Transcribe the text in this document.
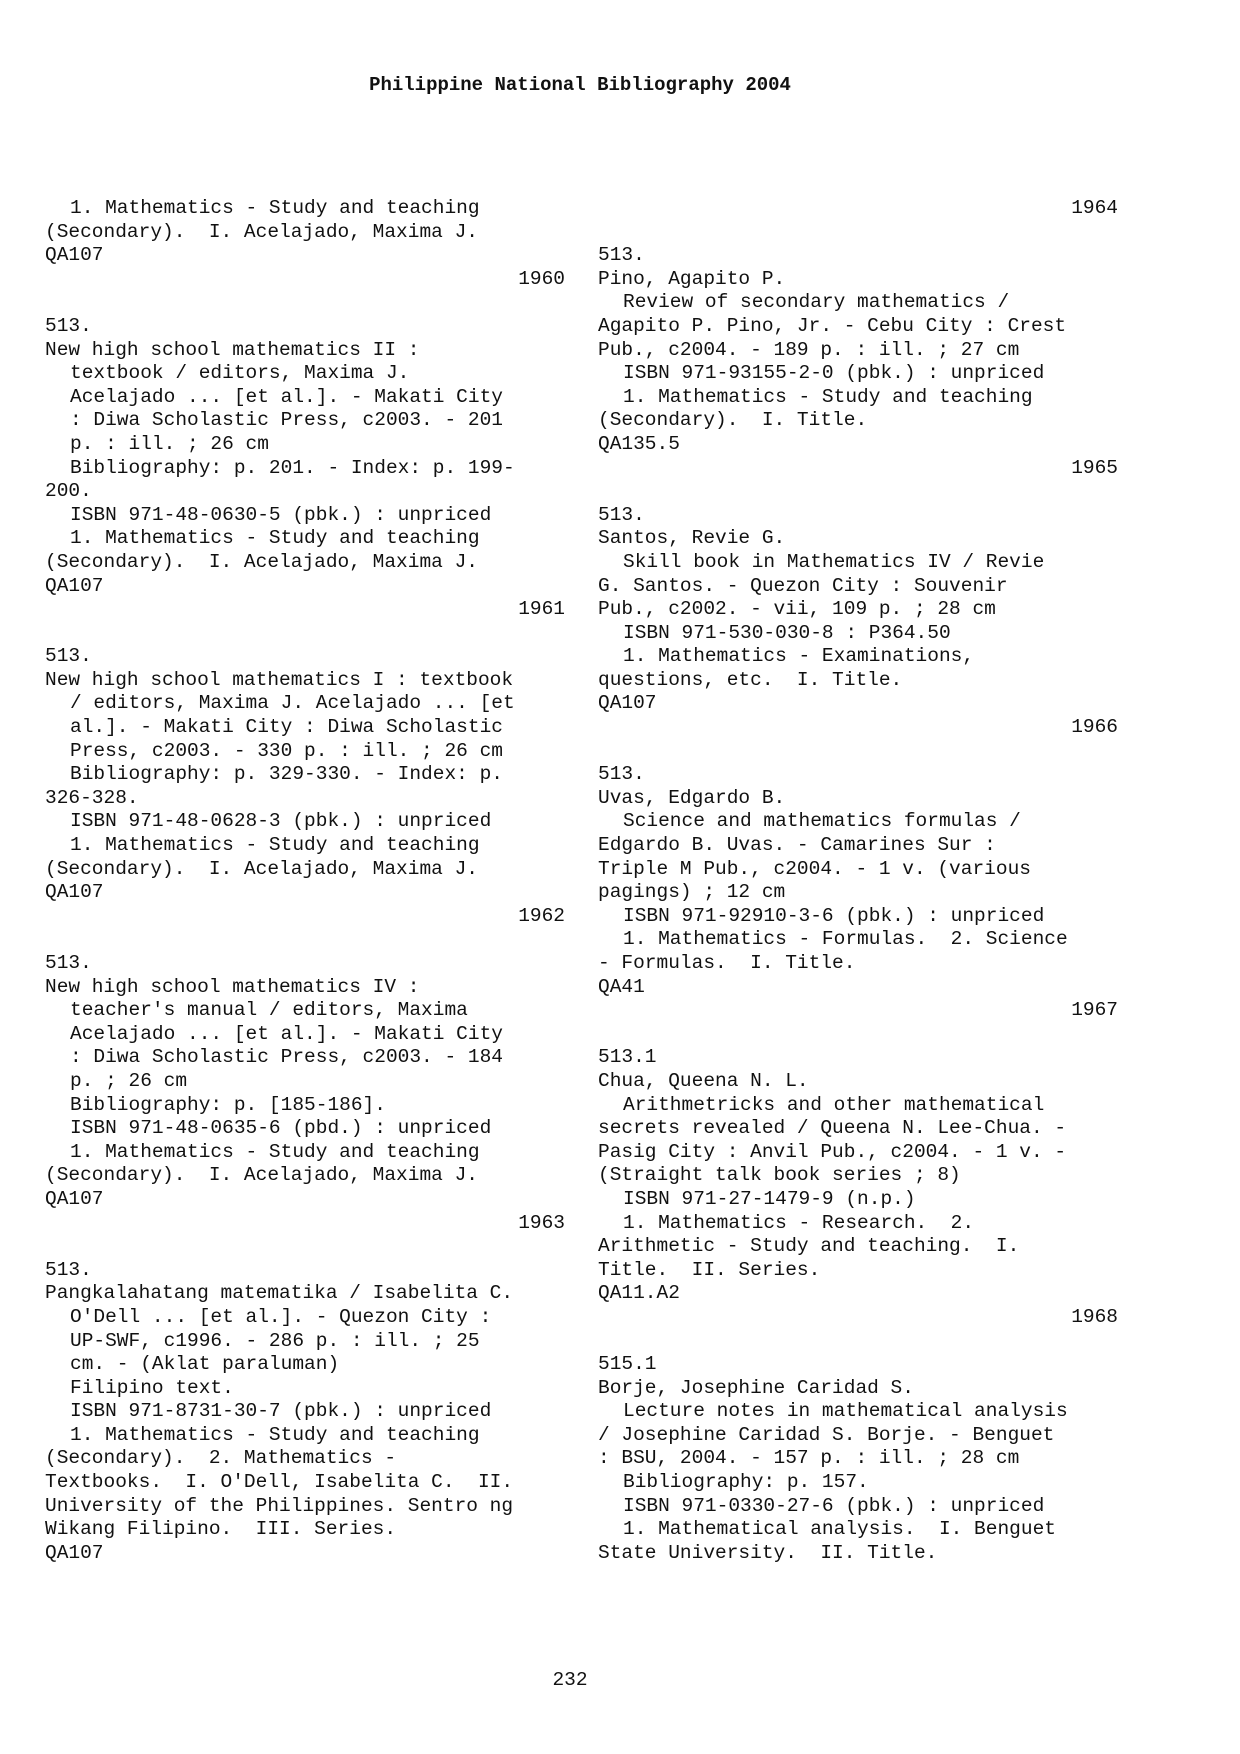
Philippine National Bibliography 2004
1. Mathematics - Study and teaching
(Secondary).  I. Acelajado, Maxima J.
QA107
1960
513.
New high school mathematics II :
textbook / editors, Maxima J.
Acelajado ... [et al.]. - Makati City
: Diwa Scholastic Press, c2003. - 201
p. : ill. ; 26 cm
Bibliography: p. 201. - Index: p. 199-
200.
ISBN 971-48-0630-5 (pbk.) : unpriced
1. Mathematics - Study and teaching
(Secondary).  I. Acelajado, Maxima J.
QA107
1961
513.
New high school mathematics I : textbook
/ editors, Maxima J. Acelajado ... [et
al.]. - Makati City : Diwa Scholastic
Press, c2003. - 330 p. : ill. ; 26 cm
Bibliography: p. 329-330. - Index: p.
326-328.
ISBN 971-48-0628-3 (pbk.) : unpriced
1. Mathematics - Study and teaching
(Secondary).  I. Acelajado, Maxima J.
QA107
1962
513.
New high school mathematics IV :
teacher's manual / editors, Maxima
Acelajado ... [et al.]. - Makati City
: Diwa Scholastic Press, c2003. - 184
p. ; 26 cm
Bibliography: p. [185-186].
ISBN 971-48-0635-6 (pbd.) : unpriced
1. Mathematics - Study and teaching
(Secondary).  I. Acelajado, Maxima J.
QA107
1963
513.
Pangkalahatang matematika / Isabelita C.
O'Dell ... [et al.]. - Quezon City :
UP-SWF, c1996. - 286 p. : ill. ; 25
cm. - (Aklat paraluman)
Filipino text.
ISBN 971-8731-30-7 (pbk.) : unpriced
1. Mathematics - Study and teaching
(Secondary).  2. Mathematics -
Textbooks.  I. O'Dell, Isabelita C.  II.
University of the Philippines. Sentro ng
Wikang Filipino.  III. Series.
QA107
1964
513.
Pino, Agapito P.
Review of secondary mathematics /
Agapito P. Pino, Jr. - Cebu City : Crest
Pub., c2004. - 189 p. : ill. ; 27 cm
ISBN 971-93155-2-0 (pbk.) : unpriced
1. Mathematics - Study and teaching
(Secondary).  I. Title.
QA135.5
1965
513.
Santos, Revie G.
Skill book in Mathematics IV / Revie
G. Santos. - Quezon City : Souvenir
Pub., c2002. - vii, 109 p. ; 28 cm
ISBN 971-530-030-8 : P364.50
1. Mathematics - Examinations,
questions, etc.  I. Title.
QA107
1966
513.
Uvas, Edgardo B.
Science and mathematics formulas /
Edgardo B. Uvas. - Camarines Sur :
Triple M Pub., c2004. - 1 v. (various
pagings) ; 12 cm
ISBN 971-92910-3-6 (pbk.) : unpriced
1. Mathematics - Formulas.  2. Science
- Formulas.  I. Title.
QA41
1967
513.1
Chua, Queena N. L.
Arithmetricks and other mathematical
secrets revealed / Queena N. Lee-Chua. -
Pasig City : Anvil Pub., c2004. - 1 v. -
(Straight talk book series ; 8)
ISBN 971-27-1479-9 (n.p.)
1. Mathematics - Research.  2.
Arithmetic - Study and teaching.  I.
Title.  II. Series.
QA11.A2
1968
515.1
Borje, Josephine Caridad S.
Lecture notes in mathematical analysis
/ Josephine Caridad S. Borje. - Benguet
: BSU, 2004. - 157 p. : ill. ; 28 cm
Bibliography: p. 157.
ISBN 971-0330-27-6 (pbk.) : unpriced
1. Mathematical analysis.  I. Benguet
State University.  II. Title.
232
